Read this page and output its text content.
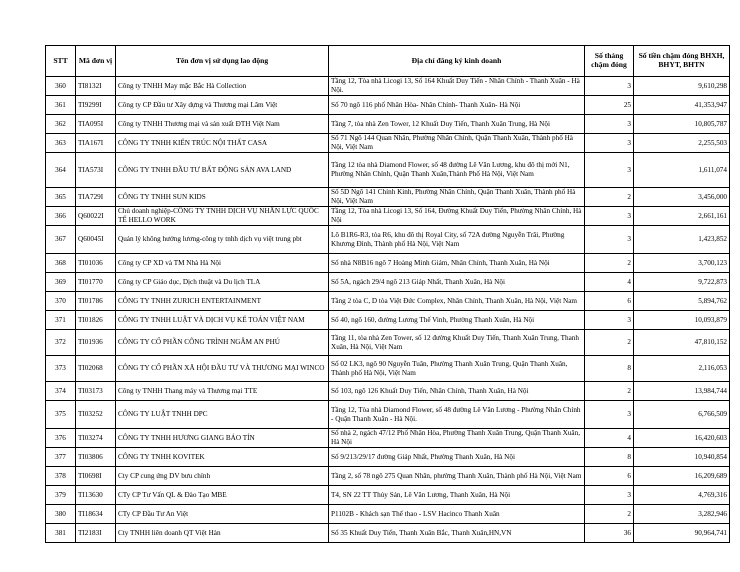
STT	Mã đơn vị	Tên đơn vị sử dụng lao động	Địa chỉ đăng ký kinh doanh	Số tháng chậm đóng	Số tiền chậm đóng BHXH, BHYT, BHTN
360	TI8132I	Công ty TNHH May mặc Bắc Hà Collection	Tầng 12, Tòa nhà Licogi 13, Số 164 Khuất Duy Tiến - Nhân Chính - Thanh Xuân - Hà Nội.	3	9,610,298
361	TI9299I	Công ty CP Đầu tư Xây dựng và Thương mại Lâm Việt	Số 70 ngõ 116 phố Nhân Hòa- Nhân Chính- Thanh Xuân- Hà Nội	25	41,353,947
362	TIA095I	Công ty TNHH Thương mại và sản xuất ĐTH Việt Nam	Tầng 7, tòa nhà Zen Tower, 12 Khuất Duy Tiến, Thanh Xuân Trung, Hà Nội	3	10,805,787
363	TIA167I	CÔNG TY TNHH KIẾN TRÚC NỘI THẤT CASA	Số 71 Ngõ 144 Quan Nhân, Phường Nhân Chính, Quận Thanh Xuân, Thành phố Hà Nội, Việt Nam	3	2,255,503
364	TIA573I	CÔNG TY TNHH ĐẦU TƯ BẤT ĐỘNG SẢN AVA LAND	Tầng 12 tòa nhà Diamond Flower, số 48 đường Lê Văn Lương, khu đô thị mới N1, Phường Nhân Chính, Quận Thanh Xuân,Thành Phố Hà Nội, Việt Nam	3	1,611,074
365	TIA729I	CÔNG TY TNHH SUN KIDS	Số 5D Ngõ 141 Chính Kinh, Phường Nhân Chính, Quận Thanh Xuân, Thành phố Hà Nội, Việt Nam	2	3,456,000
366	Q60022I	Chủ doanh nghiệp-CÔNG TY TNHH DỊCH VỤ NHÂN LỰC QUỐC TẾ HELLO WORK	Tầng 12, Tòa nhà Licogi 13, Số 164, Đường Khuất Duy Tiến, Phường Nhân Chính, Hà Nội	3	2,661,161
367	Q60045I	Quản lý không hưởng lương-công ty tnhh dịch vụ việt trung pbt	Lô B1R6-R3, tòa R6, khu đô thị Royal City, số 72A đường Nguyễn Trãi, Phường Khương Đình, Thành phố Hà Nội, Việt Nam	3	1,423,852
368	TI01036	Công ty CP XD và TM Nhà Hà Nội	Số nhà N8B16 ngõ 7 Hoàng Minh Giám, Nhân Chính, Thanh Xuân, Hà Nội	2	3,700,123
369	TI01770	Công ty CP Giáo dục, Dịch thuật và Du lịch TLA	Số 5A, ngách 29/4 ngõ 213 Giáp Nhất, Thanh Xuân, Hà Nội	4	9,722,873
370	TI01786	CÔNG TY TNHH ZURICH ENTERTAINMENT	Tầng 2 tòa C, D tòa Việt Đức Complex, Nhân Chính, Thanh Xuân, Hà Nội, Việt Nam	6	5,894,762
371	TI01826	CÔNG TY TNHH LUẬT VÀ DỊCH VỤ KẾ TOÁN VIỆT NAM	Số 40, ngõ 160, đường Lương Thế Vinh, Phường Thanh Xuân, Hà Nội	3	10,093,879
372	TI01936	CÔNG TY CỔ PHẦN CÔNG TRÌNH NGÂM AN PHÚ	Tầng 11, tòa nhà Zen Tower, số 12 đường Khuất Duy Tiến, Thanh Xuân Trung, Thanh Xuân, Hà Nội, Việt Nam	2	47,810,152
373	TI02068	CÔNG TY CỔ PHẦN XÃ HỘI ĐẦU TƯ VÀ THƯƠNG MẠI WINCO	Số 02 LK3, ngõ 90 Nguyễn Tuân, Phường Thanh Xuân Trung, Quận Thanh Xuân, Thành phố Hà Nội, Việt Nam	8	2,116,053
374	TI03173	Công ty TNHH Thang máy và Thương mại TTE	Số 103, ngõ 126 Khuất Duy Tiến, Nhân Chính, Thanh Xuân, Hà Nội	2	13,984,744
375	TI03252	CÔNG TY LUẬT TNHH DPC	Tầng 12, Tòa nhà Diamond Flower, số 48 đường Lê Văn Lương - Phường Nhân Chính - Quận Thanh Xuân - Hà Nội.	3	6,766,509
376	TI03274	CÔNG TY TNHH HƯƠNG GIANG BẢO TÍN	Số nhà 2, ngách 47/12 Phố Nhân Hòa, Phường Thanh Xuân Trung, Quận Thanh Xuân, Hà Nội	4	16,420,603
377	TI03806	CÔNG TY TNHH KOVITEK	Số 9/213/29/17 đường Giáp Nhất, Phường Thanh Xuân, Hà Nội	8	10,940,854
378	TI0698I	Cty CP cung ứng DV bưu chính	Tầng 2, số 78 ngõ 275 Quan Nhân, phường Thanh Xuân, Thành phố Hà Nội, Việt Nam	6	16,209,689
379	TI13630	CTy CP Tư Vấn QL & Đào Tạo MBE	T4, SN 22 TT Thủy Sản, Lê Văn Lương, Thanh Xuân, Hà Nội	3	4,769,316
380	TI18634	CTy CP Đầu Tư An Việt	P1102B - Khách sạn Thể thao - LSV Hacinco Thanh Xuân	2	3,282,946
381	TI2183I	Cty TNHH liên doanh QT Việt Hàn	Số 35 Khuất Duy Tiến, Thanh Xuân Bắc, Thanh Xuân,HN,VN	36	90,964,741
